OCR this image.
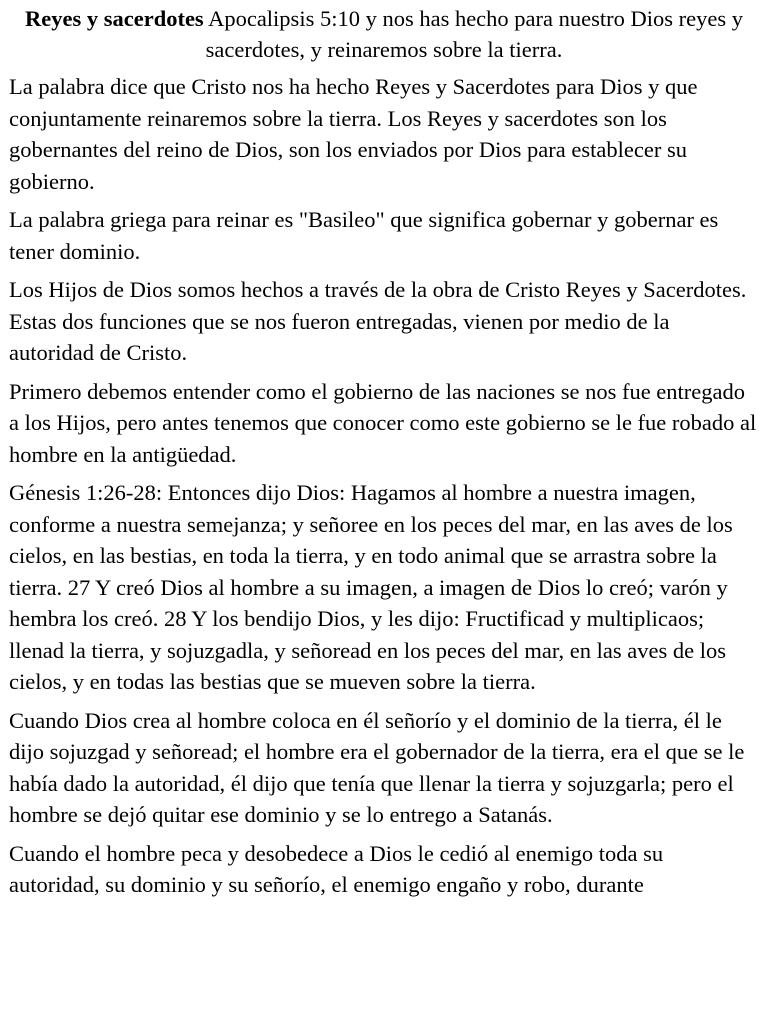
Reyes y sacerdotes Apocalipsis 5:10 y nos has hecho para nuestro Dios reyes y sacerdotes, y reinaremos sobre la tierra.

La palabra dice que Cristo nos ha hecho Reyes y Sacerdotes para Dios y que conjuntamente reinaremos sobre la tierra. Los Reyes y sacerdotes son los gobernantes del reino de Dios, son los enviados por Dios para establecer su gobierno.

La palabra griega para reinar es "Basileo" que significa gobernar y gobernar es tener dominio.

Los Hijos de Dios somos hechos a través de la obra de Cristo Reyes y Sacerdotes. Estas dos funciones que se nos fueron entregadas, vienen por medio de la autoridad de Cristo.

Primero debemos entender como el gobierno de las naciones se nos fue entregado a los Hijos, pero antes tenemos que conocer como este gobierno se le fue robado al hombre en la antigüedad.

Génesis 1:26-28: Entonces dijo Dios: Hagamos al hombre a nuestra imagen, conforme a nuestra semejanza; y señoree en los peces del mar, en las aves de los cielos, en las bestias, en toda la tierra, y en todo animal que se arrastra sobre la tierra. 27 Y creó Dios al hombre a su imagen, a imagen de Dios lo creó; varón y hembra los creó. 28 Y los bendijo Dios, y les dijo: Fructificad y multiplicaos; llenad la tierra, y sojuzgadla, y señoread en los peces del mar, en las aves de los cielos, y en todas las bestias que se mueven sobre la tierra.

Cuando Dios crea al hombre coloca en él señorío y el dominio de la tierra, él le dijo sojuzgad y señoread; el hombre era el gobernador de la tierra, era el que se le había dado la autoridad, él dijo que tenía que llenar la tierra y sojuzgarla; pero el hombre se dejó quitar ese dominio y se lo entrego a Satanás.

Cuando el hombre peca y desobedece a Dios le cedió al enemigo toda su autoridad, su dominio y su señorío, el enemigo engaño y robo, durante
